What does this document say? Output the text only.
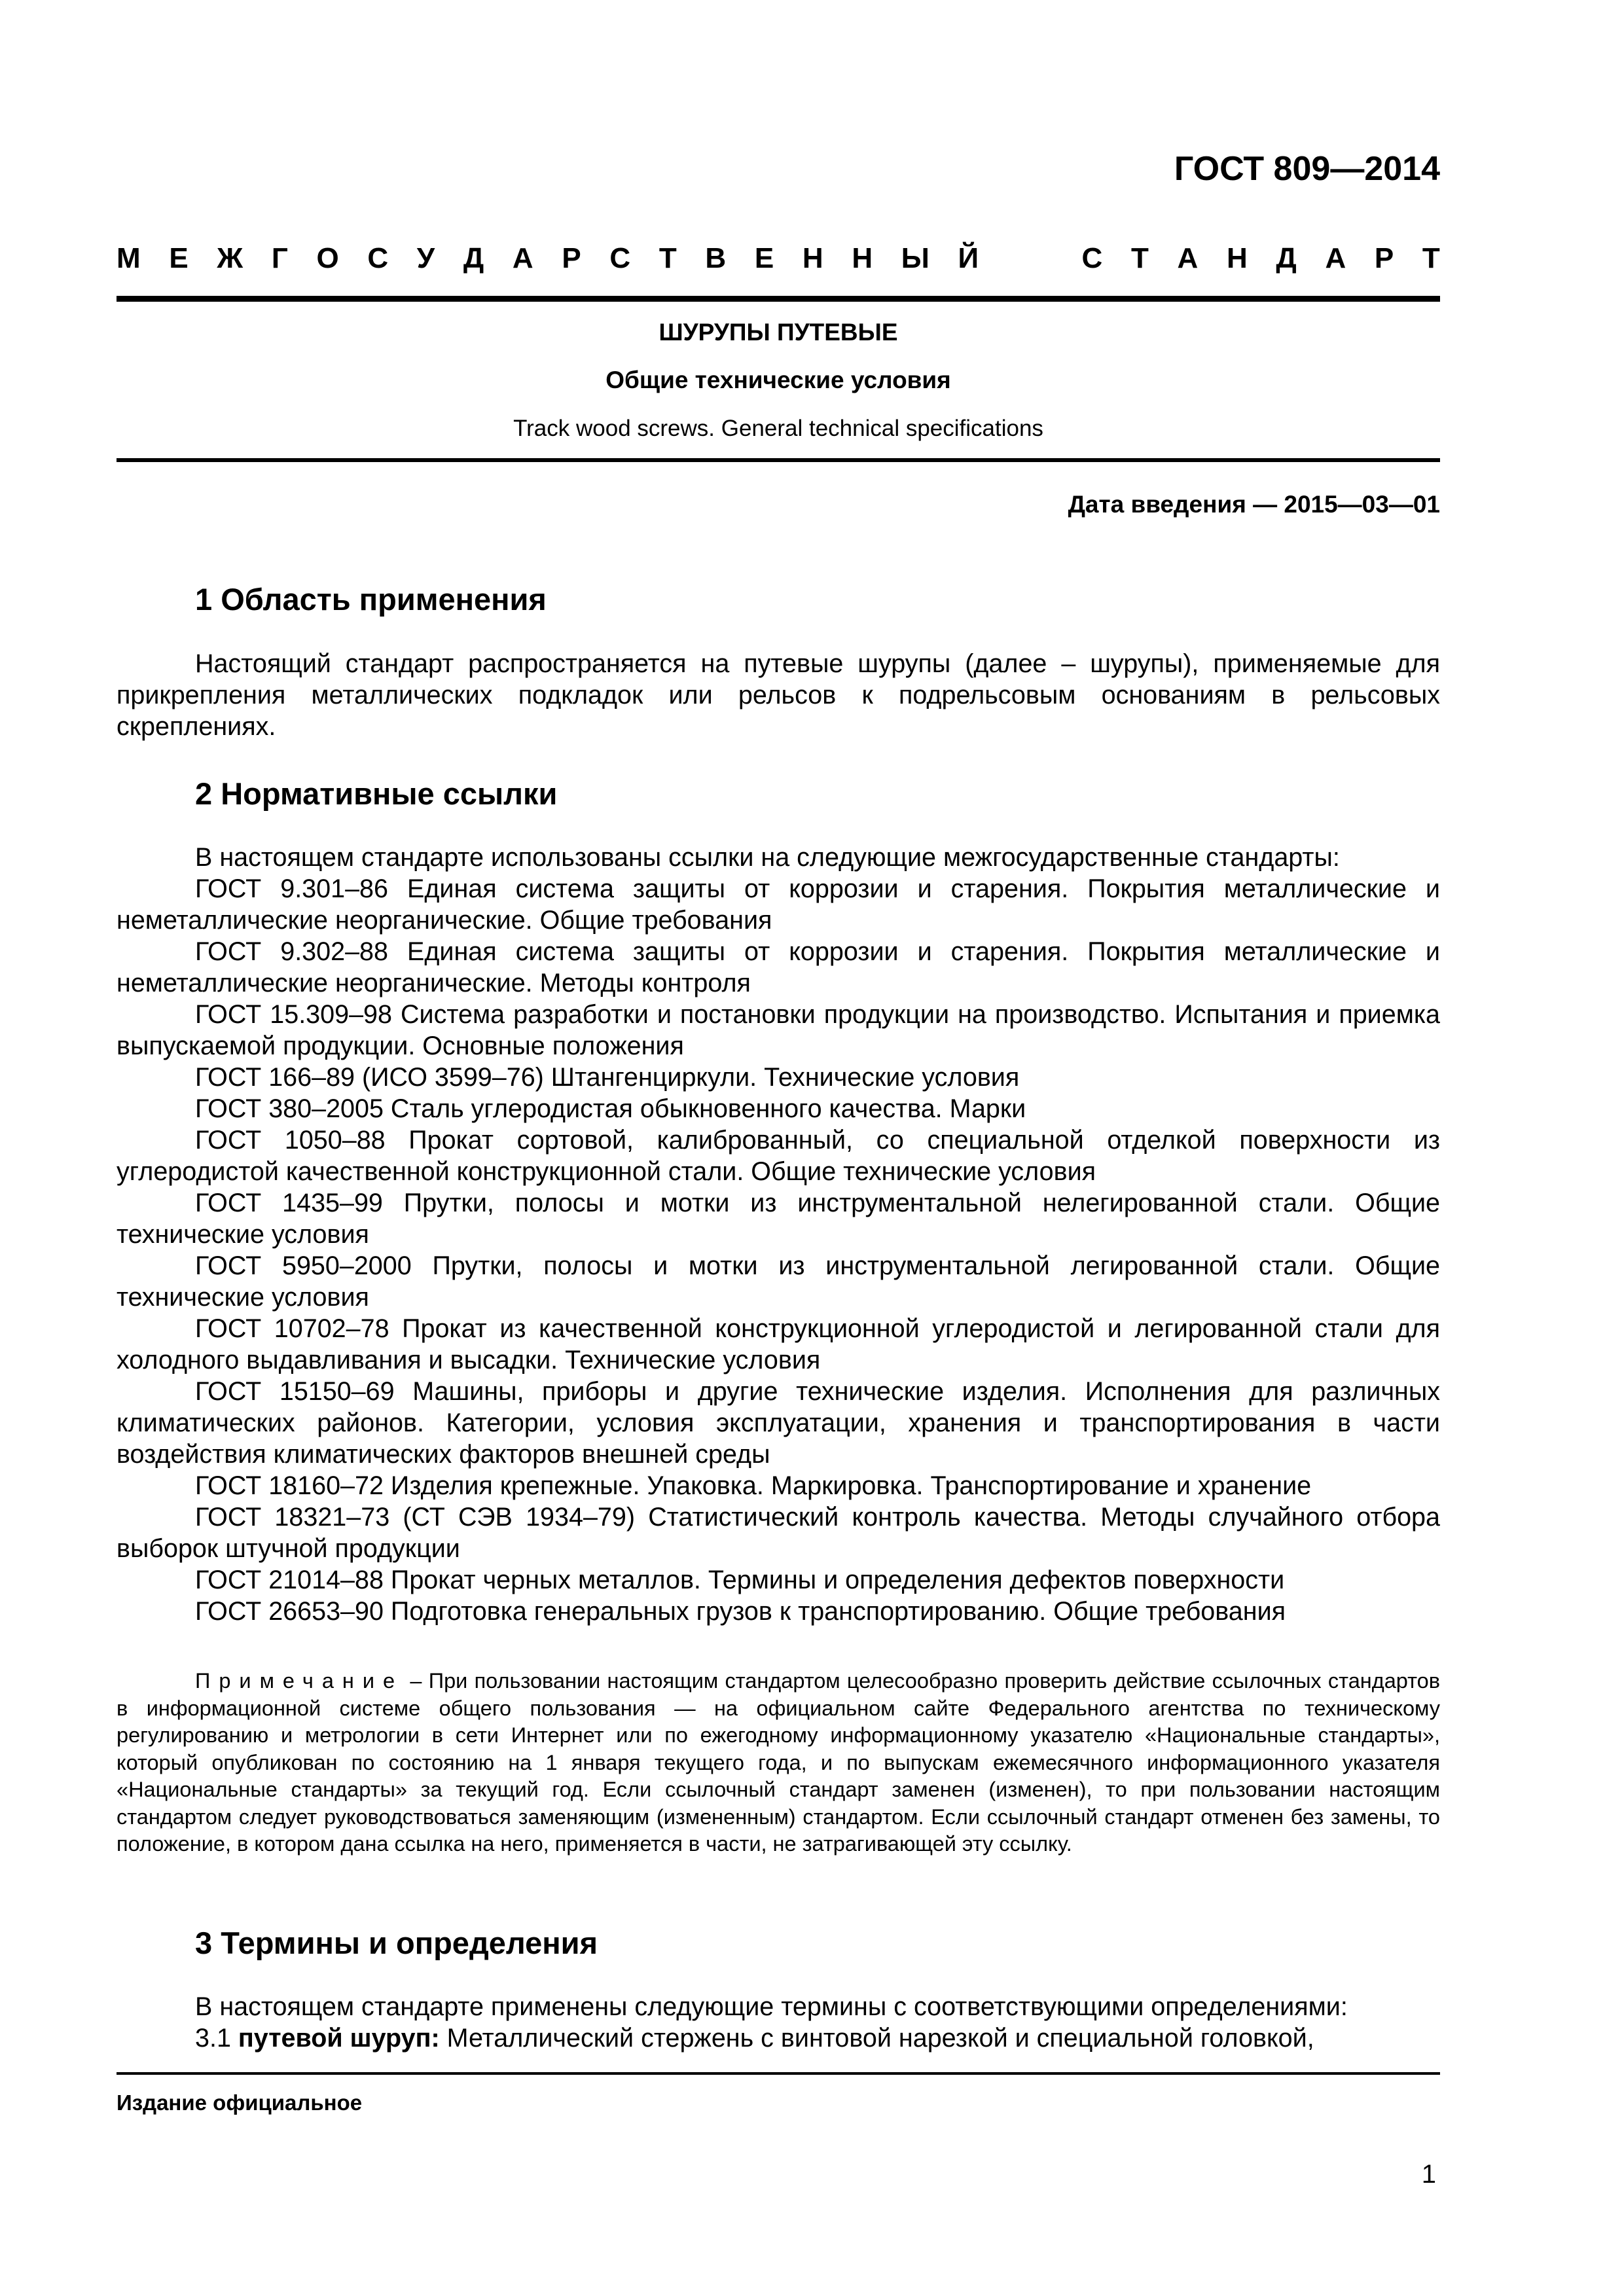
ГОСТ 809—2014
М Е Ж Г О С У Д А Р С Т В Е Н Н Ы Й	С Т А Н Д А Р Т
ШУРУПЫ ПУТЕВЫЕ
Общие технические условия
Track wood screws. General technical specifications
Дата введения — 2015—03—01
1 Область применения

Настоящий стандарт распространяется на путевые шурупы (далее – шурупы), применяемые для прикрепления металлических подкладок или рельсов к подрельсовым основаниям в рельсовых скреплениях.

2 Нормативные ссылки

В настоящем стандарте использованы ссылки на следующие межгосударственные стандарты:

ГОСТ 9.301–86 Единая система защиты от коррозии и старения. Покрытия металлические и неметаллические неорганические. Общие требования

ГОСТ 9.302–88 Единая система защиты от коррозии и старения. Покрытия металлические и неметаллические неорганические. Методы контроля

ГОСТ 15.309–98 Система разработки и постановки продукции на производство. Испытания и приемка выпускаемой продукции. Основные положения

ГОСТ 166–89 (ИСО 3599–76) Штангенциркули. Технические условия

ГОСТ 380–2005 Сталь углеродистая обыкновенного качества. Марки

ГОСТ 1050–88 Прокат сортовой, калиброванный, со специальной отделкой поверхности из углеродистой качественной конструкционной стали. Общие технические условия

ГОСТ 1435–99 Прутки, полосы и мотки из инструментальной нелегированной стали. Общие технические условия

ГОСТ 5950–2000 Прутки, полосы и мотки из инструментальной легированной стали. Общие технические условия

ГОСТ 10702–78 Прокат из качественной конструкционной углеродистой и легированной стали для холодного выдавливания и высадки. Технические условия

ГОСТ 15150–69 Машины, приборы и другие технические изделия. Исполнения для различных климатических районов. Категории, условия эксплуатации, хранения и транспортирования в части воздействия климатических факторов внешней среды

ГОСТ 18160–72 Изделия крепежные. Упаковка. Маркировка. Транспортирование и хранение

ГОСТ 18321–73 (СТ СЭВ 1934–79) Статистический контроль качества. Методы случайного отбора выборок штучной продукции

ГОСТ 21014–88 Прокат черных металлов. Термины и определения дефектов поверхности

ГОСТ 26653–90 Подготовка генеральных грузов к транспортированию. Общие требования

Примечание – При пользовании настоящим стандартом целесообразно проверить действие ссылочных стандартов в информационной системе общего пользования — на официальном сайте Федерального агентства по техническому регулированию и метрологии в сети Интернет или по ежегодному информационному указателю «Национальные стандарты», который опубликован по состоянию на 1 января текущего года, и по выпускам ежемесячного информационного указателя «Национальные стандарты» за текущий год. Если ссылочный стандарт заменен (изменен), то при пользовании настоящим стандартом следует руководствоваться заменяющим (измененным) стандартом. Если ссылочный стандарт отменен без замены, то положение, в котором дана ссылка на него, применяется в части, не затрагивающей эту ссылку.
3 Термины и определения

В настоящем стандарте применены следующие термины с соответствующими определениями:

3.1 путевой шуруп: Металлический стержень с винтовой нарезкой и специальной головкой,

Издание официальное
1
